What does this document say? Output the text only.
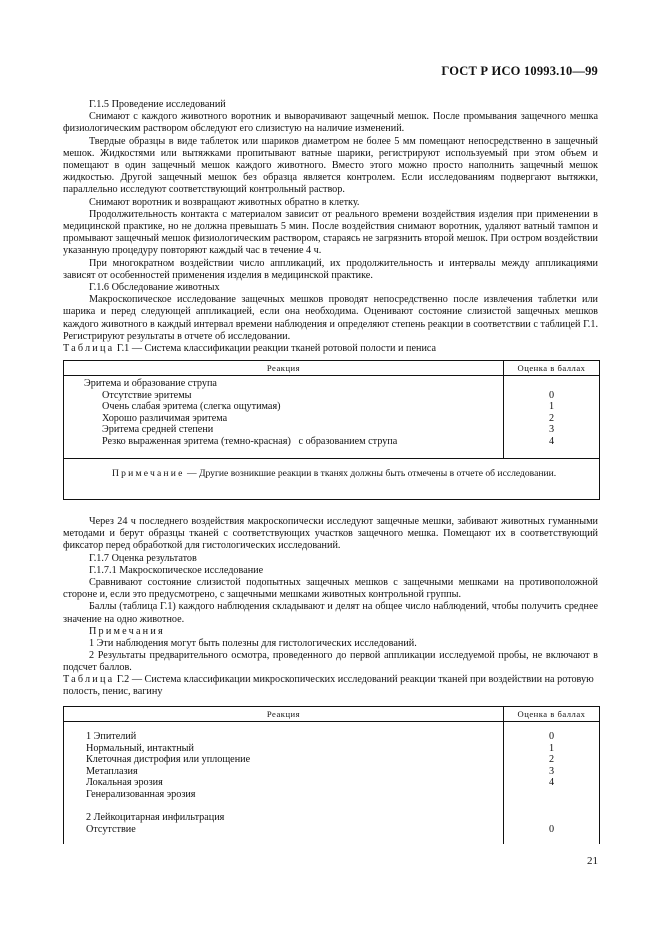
ГОСТ Р ИСО 10993.10—99
Г.1.5 Проведение исследований
Снимают с каждого животного воротник и выворачивают защечный мешок. После промывания защечного мешка физиологическим раствором обследуют его слизистую на наличие изменений.
Твердые образцы в виде таблеток или шариков диаметром не более 5 мм помещают непосредственно в защечный мешок. Жидкостями или вытяжками пропитывают ватные шарики, регистрируют используемый при этом объем и помещают в один защечный мешок каждого животного. Вместо этого можно просто наполнить защечный мешок жидкостью. Другой защечный мешок без образца является контролем. Если исследованиям подвергают вытяжки, параллельно исследуют соответствующий контрольный раствор.
Снимают воротник и возвращают животных обратно в клетку.
Продолжительность контакта с материалом зависит от реального времени воздействия изделия при применении в медицинской практике, но не должна превышать 5 мин. После воздействия снимают воротник, удаляют ватный тампон и промывают защечный мешок физиологическим раствором, стараясь не загрязнить второй мешок. При остром воздействии указанную процедуру повторяют каждый час в течение 4 ч.
При многократном воздействии число аппликаций, их продолжительность и интервалы между аппликациями зависят от особенностей применения изделия в медицинской практике.
Г.1.6 Обследование животных
Макроскопическое исследование защечных мешков проводят непосредственно после извлечения таблетки или шарика и перед следующей аппликацией, если она необходима. Оценивают состояние слизистой защечных мешков каждого животного в каждый интервал времени наблюдения и определяют степень реакции в соответствии с таблицей Г.1. Регистрируют результаты в отчете об исследовании.
Таблица Г.1 — Система классификации реакции тканей ротовой полости и пениса
Реакция	Оценка в баллах
Эритема и образование струпа
Отсутствие эритемы
Очень слабая эритема (слегка ощутимая)
Хорошо различимая эритема
Эритема средней степени
Резко выраженная эритема (темно-красная)   с образованием струпа
0
1
2
3
4
Примечание — Другие возникшие реакции в тканях должны быть отмечены в отчете об исследовании.
Через 24 ч последнего воздействия макроскопически исследуют защечные мешки, забивают животных гуманными методами и берут образцы тканей с соответствующих участков защечного мешка. Помещают их в соответствующий фиксатор перед обработкой для гистологических исследований.
Г.1.7 Оценка результатов
Г.1.7.1 Макроскопическое исследование
Сравнивают состояние слизистой подопытных защечных мешков с защечными мешками на противоположной стороне и, если это предусмотрено, с защечными мешками животных контрольной группы.
Баллы (таблица Г.1) каждого наблюдения складывают и делят на общее число наблюдений, чтобы получить среднее значение на одно животное.
Примечания
1 Эти наблюдения могут быть полезны для гистологических исследований.
2 Результаты предварительного осмотра, проведенного до первой аппликации исследуемой пробы, не включают в подсчет баллов.
Таблица Г.2 — Система классификации микроскопических исследований реакции тканей при воздействии на ротовую полость, пенис, вагину
Реакция	Оценка в баллах
1 Эпителий
Нормальный, интактный
Клеточная дистрофия или уплощение
Метаплазия
Локальная эрозия
Генерализованная эрозия
2 Лейкоцитарная инфильтрация
Отсутствие
0
1
2
3
4
0
21
